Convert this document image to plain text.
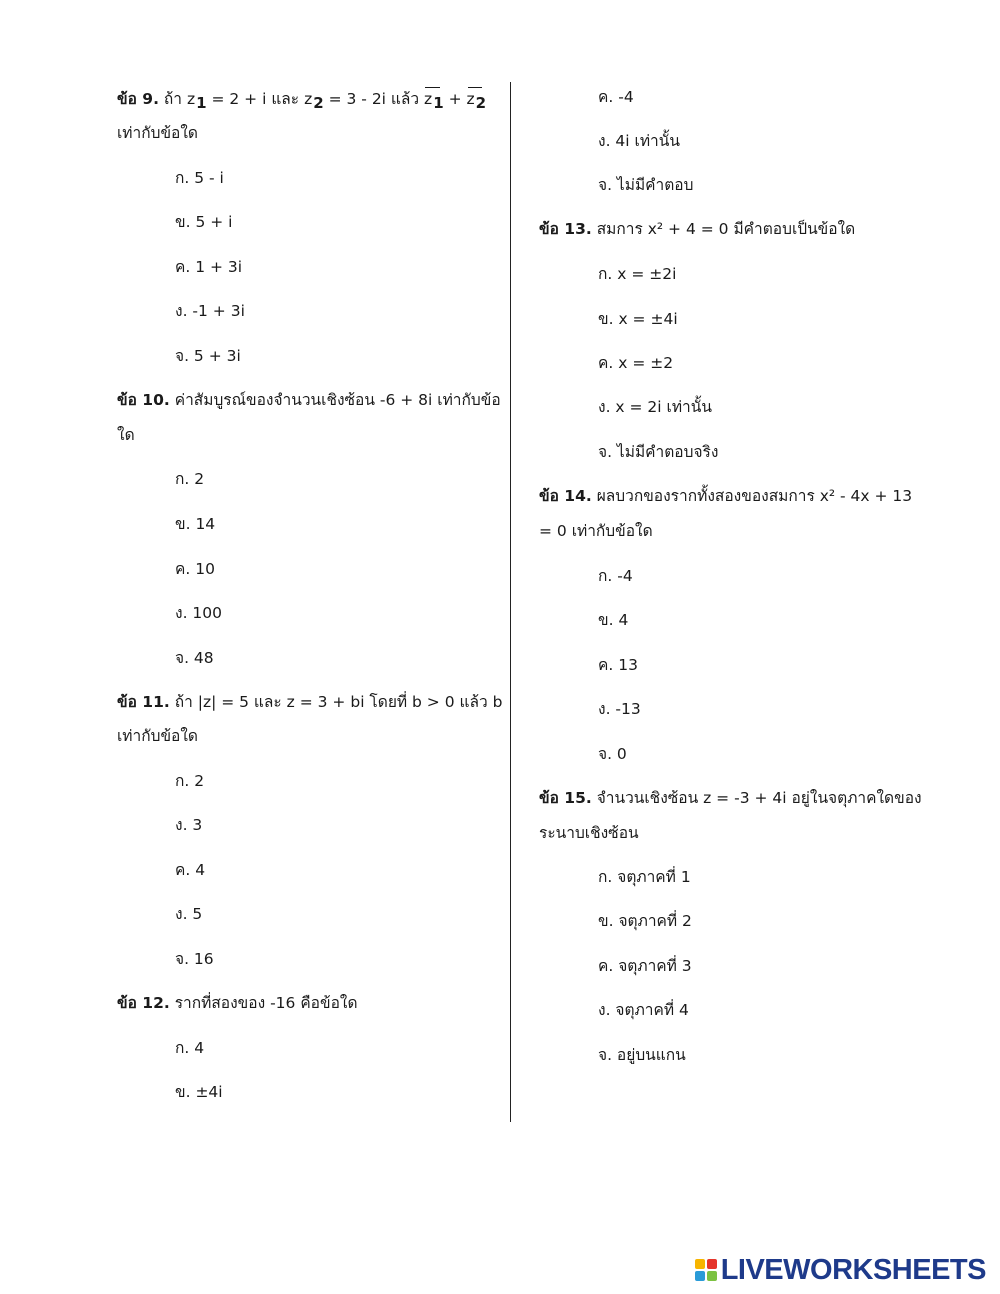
ข้อ 9. ถ้า z1 = 2 + i และ z2 = 3 - 2i แล้ว z1 + z2
เท่ากับข้อใด
ก. 5 - i
ข. 5 + i
ค. 1 + 3i
ง. -1 + 3i
จ. 5 + 3i
ข้อ 10. ค่าสัมบูรณ์ของจำนวนเชิงซ้อน -6 + 8i เท่ากับข้อ
ใด
ก. 2
ข. 14
ค. 10
ง. 100
จ. 48
ข้อ 11. ถ้า |z| = 5 และ z = 3 + bi โดยที่ b > 0 แล้ว b
เท่ากับข้อใด
ก. 2
ง. 3
ค. 4
ง. 5
จ. 16
ข้อ 12. รากที่สองของ -16 คือข้อใด
ก. 4
ข. ±4i
ค. -4
ง. 4i เท่านั้น
จ. ไม่มีคำตอบ
ข้อ 13. สมการ x² + 4 = 0 มีคำตอบเป็นข้อใด
ก. x = ±2i
ข. x = ±4i
ค. x = ±2
ง. x = 2i เท่านั้น
จ. ไม่มีคำตอบจริง
ข้อ 14. ผลบวกของรากทั้งสองของสมการ x² - 4x + 13
= 0 เท่ากับข้อใด
ก. -4
ข. 4
ค. 13
ง. -13
จ. 0
ข้อ 15. จำนวนเชิงซ้อน z = -3 + 4i อยู่ในจตุภาคใดของ
ระนาบเชิงซ้อน
ก. จตุภาคที่ 1
ข. จตุภาคที่ 2
ค. จตุภาคที่ 3
ง. จตุภาคที่ 4
จ. อยู่บนแกน
LIVEWORKSHEETS
